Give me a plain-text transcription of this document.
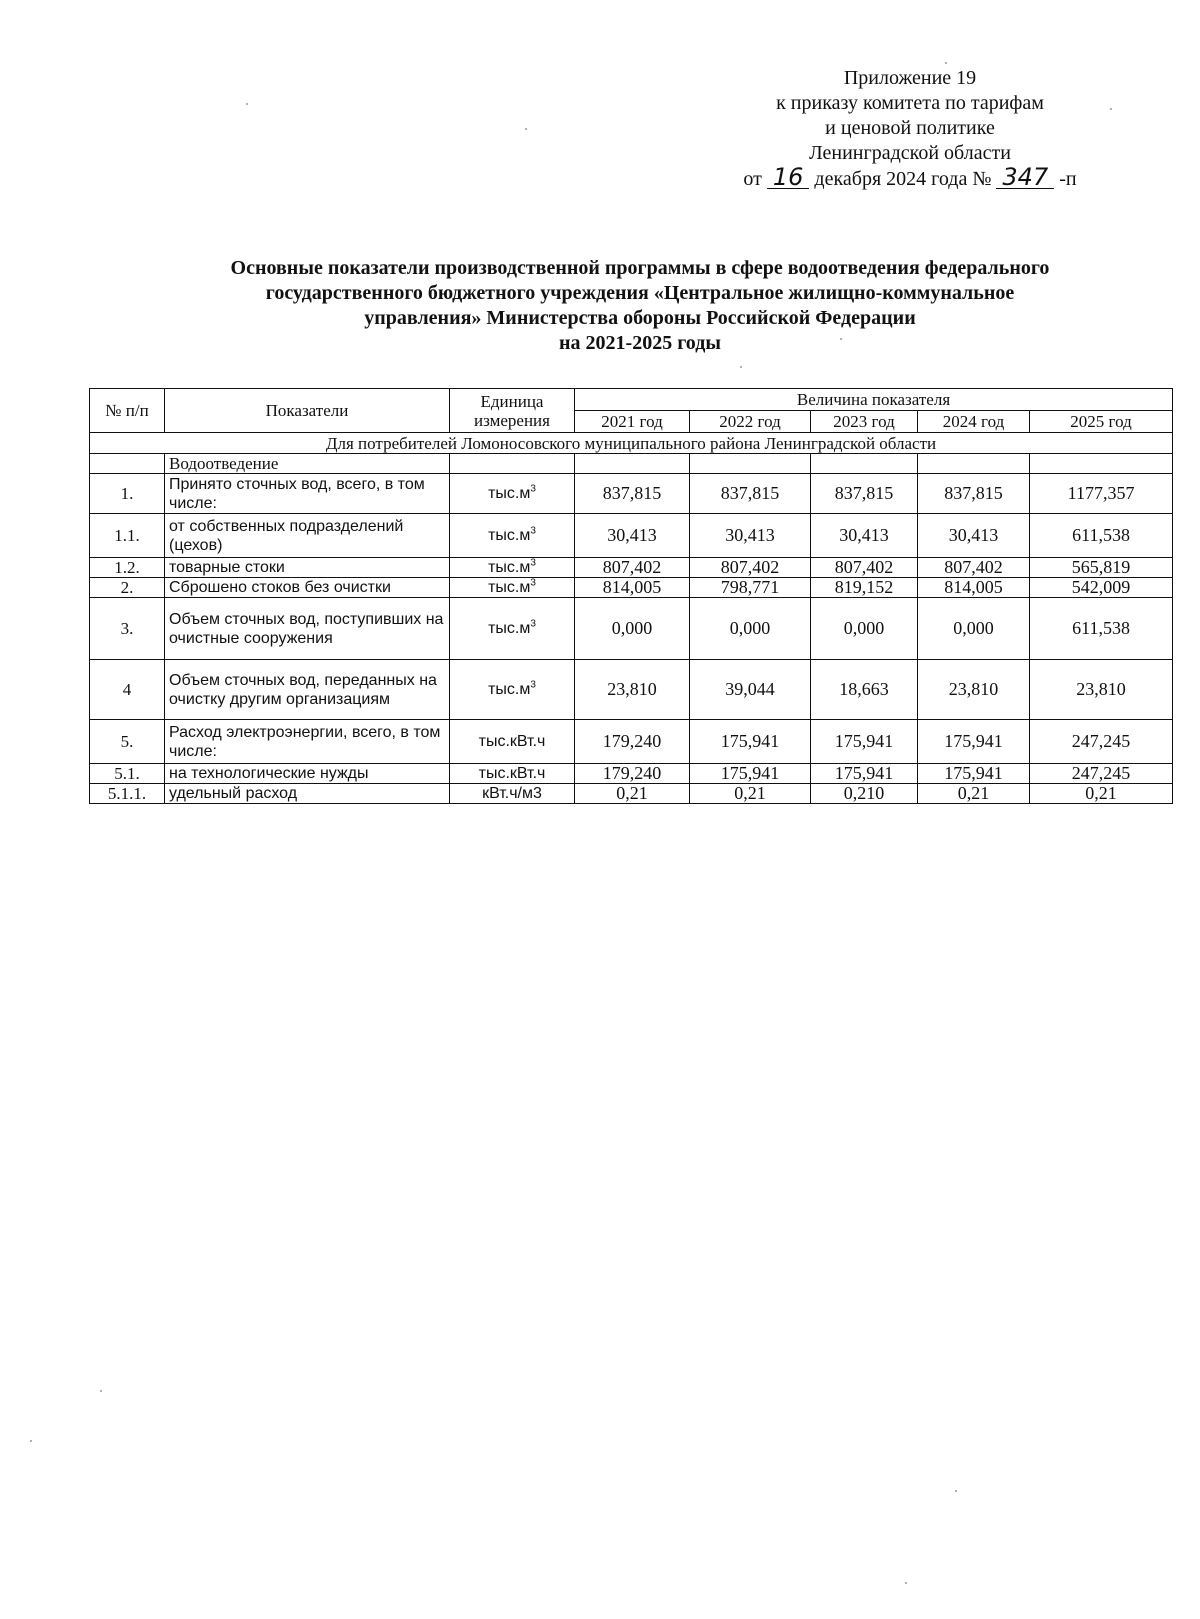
Приложение 19
к приказу комитета по тарифам
и ценовой политике
Ленинградской области
от 16 декабря 2024 года № 347 -п
Основные показатели производственной программы в сфере водоотведения федерального
государственного бюджетного учреждения «Центральное жилищно-коммунальное
управления» Министерства обороны Российской Федерации
на 2021-2025 годы
№ п/п	Показатели	Единица измерения	Величина показателя				
			2021 год	2022 год	2023 год	2024 год	2025 год
Для потребителей Ломоносовского муниципального района Ленинградской области							
	Водоотведение						
1.	Принято сточных вод, всего, в том числе:	$тыс.м^3$	837,815	837,815	837,815	837,815	1177,357
1.1.	от собственных подразделений (цехов)	$тыс.м^3$	30,413	30,413	30,413	30,413	611,538
1.2.	товарные стоки	$тыс.м^3$	807,402	807,402	807,402	807,402	565,819
2.	Сброшено стоков без очистки	$тыс.м^3$	814,005	798,771	819,152	814,005	542,009
3.	Объем сточных вод, поступивших на очистные сооружения	$тыс.м^3$	0,000	0,000	0,000	0,000	611,538
4	Объем сточных вод, переданных на очистку другим организациям	$тыс.м^3$	23,810	39,044	18,663	23,810	23,810
5.	Расход электроэнергии, всего, в том числе:	тыс.кВт.ч	179,240	175,941	175,941	175,941	247,245
5.1.	на технологические нужды	тыс.кВт.ч	179,240	175,941	175,941	175,941	247,245
5.1.1.	удельный расход	кВт.ч/м3	0,21	0,21	0,210	0,21	0,21
